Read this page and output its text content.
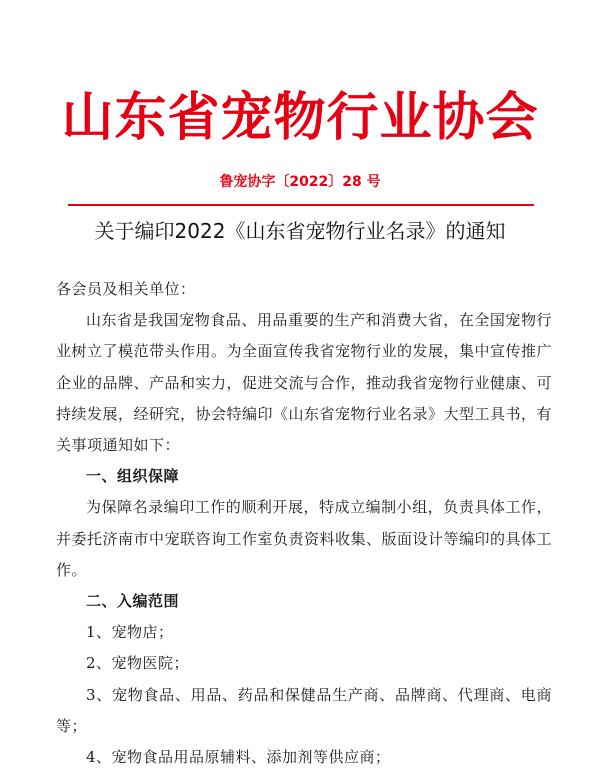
山东省宠物行业协会
鲁宠协字〔2022〕28 号
关于编印2022《山东省宠物行业名录》的通知

各会员及相关单位：

山东省是我国宠物食品、用品重要的生产和消费大省，在全国宠物行业树立了模范带头作用。为全面宣传我省宠物行业的发展，集中宣传推广企业的品牌、产品和实力，促进交流与合作，推动我省宠物行业健康、可持续发展，经研究，协会特编印《山东省宠物行业名录》大型工具书，有关事项通知如下：

一、组织保障

为保障名录编印工作的顺利开展，特成立编制小组，负责具体工作，并委托济南市中宠联咨询工作室负责资料收集、版面设计等编印的具体工作。

二、入编范围

1、宠物店；

2、宠物医院；

3、宠物食品、用品、药品和保健品生产商、品牌商、代理商、电商等；

4、宠物食品用品原辅料、添加剂等供应商；
